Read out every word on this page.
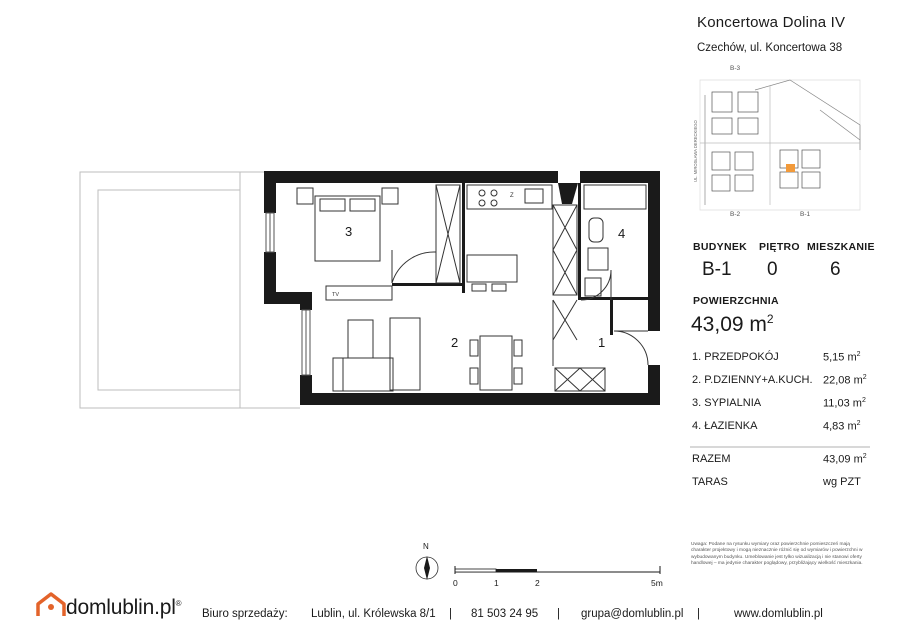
TV
Z
3	4
2	1
B-3
B-2	B-1
UL. MIROSŁAWA DERECKIEGO
N
0	1	2	5m
Koncertowa Dolina IV
Czechów, ul. Koncertowa 38
BUDYNEK PIĘTRO MIESZKANIE
B-1 0	6
POWIERZCHNIA
43,09 $m^2$
1. PRZEDPOKÓJ	5,15 $m^2$
2. P.DZIENNY+A.KUCH. 22,08 $m^2$
3. SYPIALNIA	11,03 $m^2$
4. ŁAZIENKA	4,83 $m^2$
RAZEM	43,09 $m^2$
TARAS	wg PZT
Uwaga: Podane na rysunku wymiary oraz powierzchnie pomieszczeń mają charakter projektowy i mogą nieznacznie różnić się od wymiarów i powierzchni w wybudowanym budynku. Umeblowanie jest tylko wizualizacją i nie stanowi oferty handlowej – ma jedynie charakter poglądowy, przybliżający wielkość mieszkania.
domlublin.pl®
Biuro sprzedaży: Lublin, ul. Królewska 8/1 | 81 503 24 95 | grupa@domlublin.pl |	www.domlublin.pl
